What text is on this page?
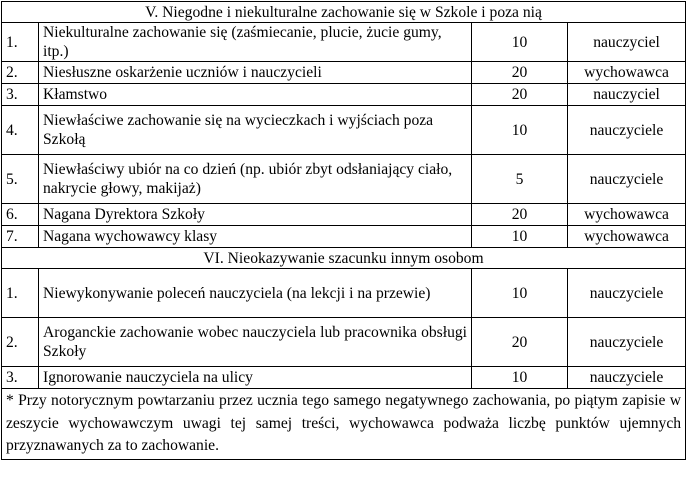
V. Niegodne i niekulturalne zachowanie się w Szkole i poza nią			
1.	Niekulturalne zachowanie się (zaśmiecanie, plucie, żucie gumy, itp.)	10	nauczyciel
2.	Niesłuszne oskarżenie uczniów i nauczycieli	20	wychowawca
3.	Kłamstwo	20	nauczyciel
4.	Niewłaściwe zachowanie się na wycieczkach i wyjściach poza Szkołą	10	nauczyciele
5.	Niewłaściwy ubiór na co dzień (np. ubiór zbyt odsłaniający ciało, nakrycie głowy, makijaż)	5	nauczyciele
6.	Nagana Dyrektora Szkoły	20	wychowawca
7.	Nagana wychowawcy klasy	10	wychowawca
VI. Nieokazywanie szacunku innym osobom			
1.	Niewykonywanie poleceń nauczyciela (na lekcji i na przewie)	10	nauczyciele
2.	Aroganckie zachowanie wobec nauczyciela lub pracownika obsługi Szkoły	20	nauczyciele
3.	Ignorowanie nauczyciela na ulicy	10	nauczyciele
* Przy notorycznym powtarzaniu przez ucznia tego samego negatywnego zachowania, po piątym zapisie w zeszycie wychowawczym uwagi tej samej treści, wychowawca podważa liczbę punktów ujemnych przyznawanych za to zachowanie.			
